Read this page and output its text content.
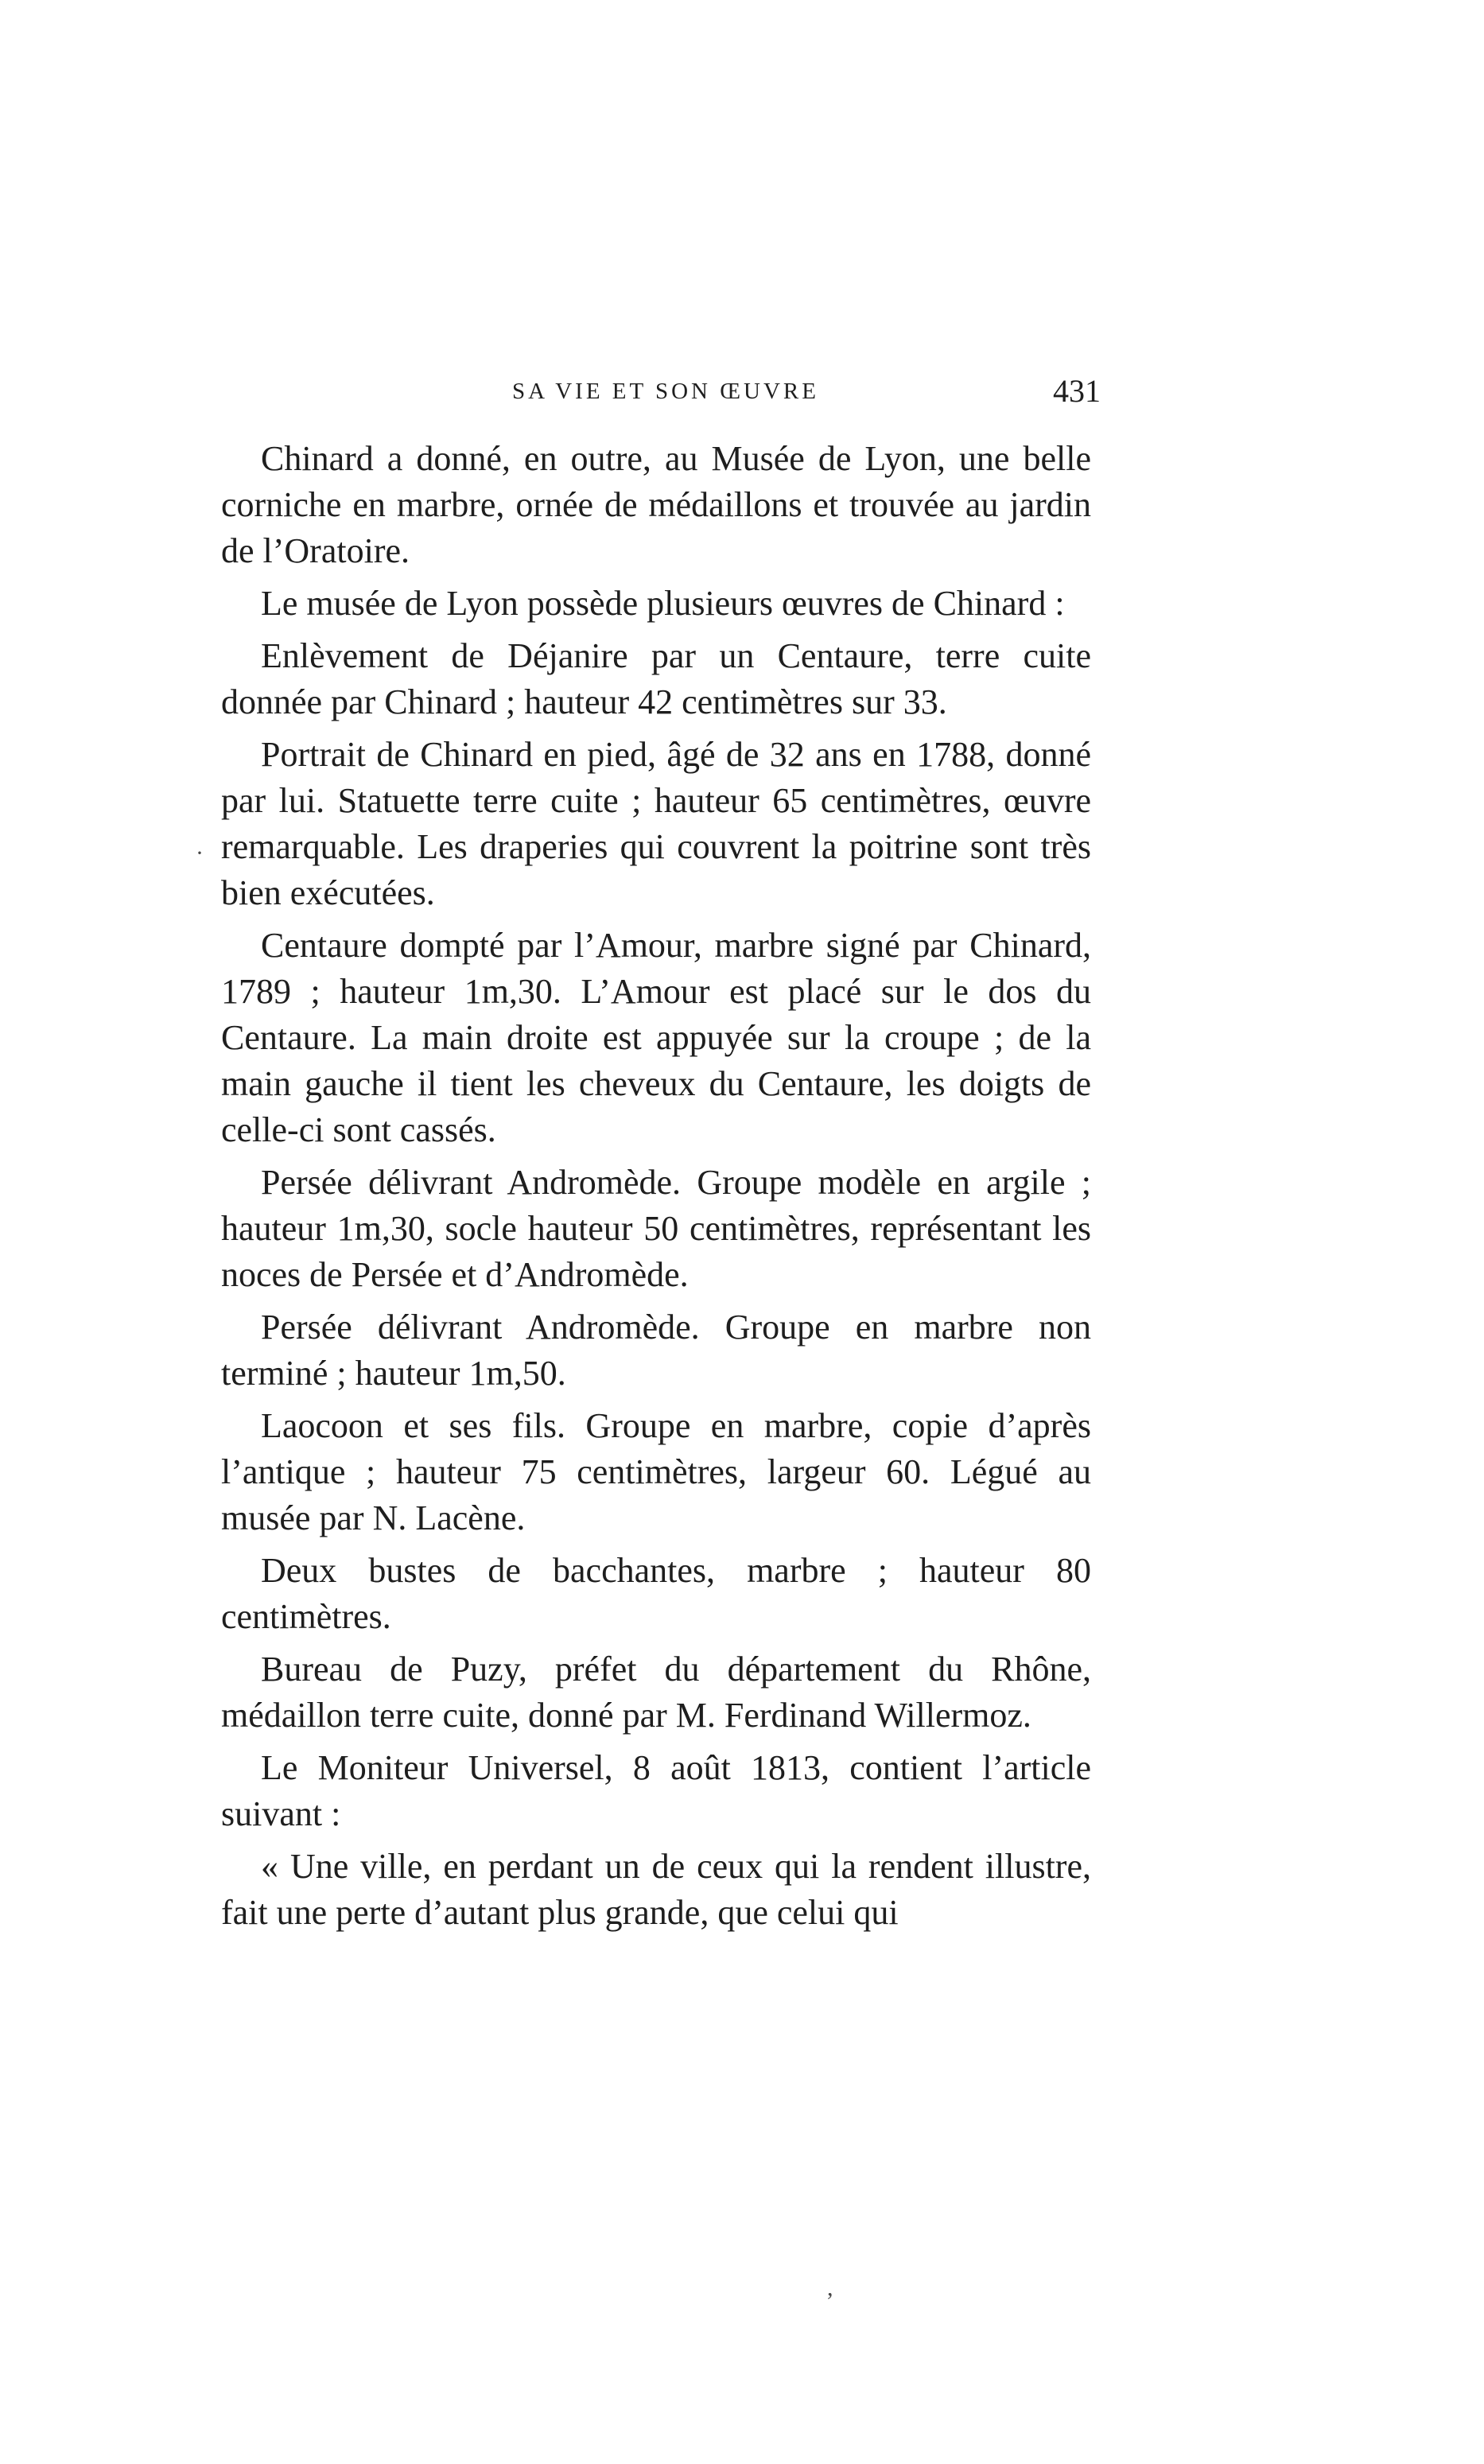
SA VIE ET SON ŒUVRE	431

Chinard a donné, en outre, au Musée de Lyon, une belle corniche en marbre, ornée de médaillons et trouvée au jardin de l’Oratoire.

Le musée de Lyon possède plusieurs œuvres de Chinard :

Enlèvement de Déjanire par un Centaure, terre cuite donnée par Chinard ; hauteur 42 centimètres sur 33.

Portrait de Chinard en pied, âgé de 32 ans en 1788, donné par lui. Statuette terre cuite ; hauteur 65 centimètres, œuvre remarquable. Les draperies qui couvrent la poitrine sont très bien exécutées.

Centaure dompté par l’Amour, marbre signé par Chinard, 1789 ; hauteur 1m,30. L’Amour est placé sur le dos du Centaure. La main droite est appuyée sur la croupe ; de la main gauche il tient les cheveux du Centaure, les doigts de celle-ci sont cassés.

Persée délivrant Andromède. Groupe modèle en argile ; hauteur 1m,30, socle hauteur 50 centimètres, représentant les noces de Persée et d’Andromède.

Persée délivrant Andromède. Groupe en marbre non terminé ; hauteur 1m,50.

Laocoon et ses fils. Groupe en marbre, copie d’après l’antique ; hauteur 75 centimètres, largeur 60. Légué au musée par N. Lacène.

Deux bustes de bacchantes, marbre ; hauteur 80 centimètres.

Bureau de Puzy, préfet du département du Rhône, médaillon terre cuite, donné par M. Ferdinand Willermoz.

Le Moniteur Universel, 8 août 1813, contient l’article suivant :

« Une ville, en perdant un de ceux qui la rendent illustre, fait une perte d’autant plus grande, que celui qui

,
·
